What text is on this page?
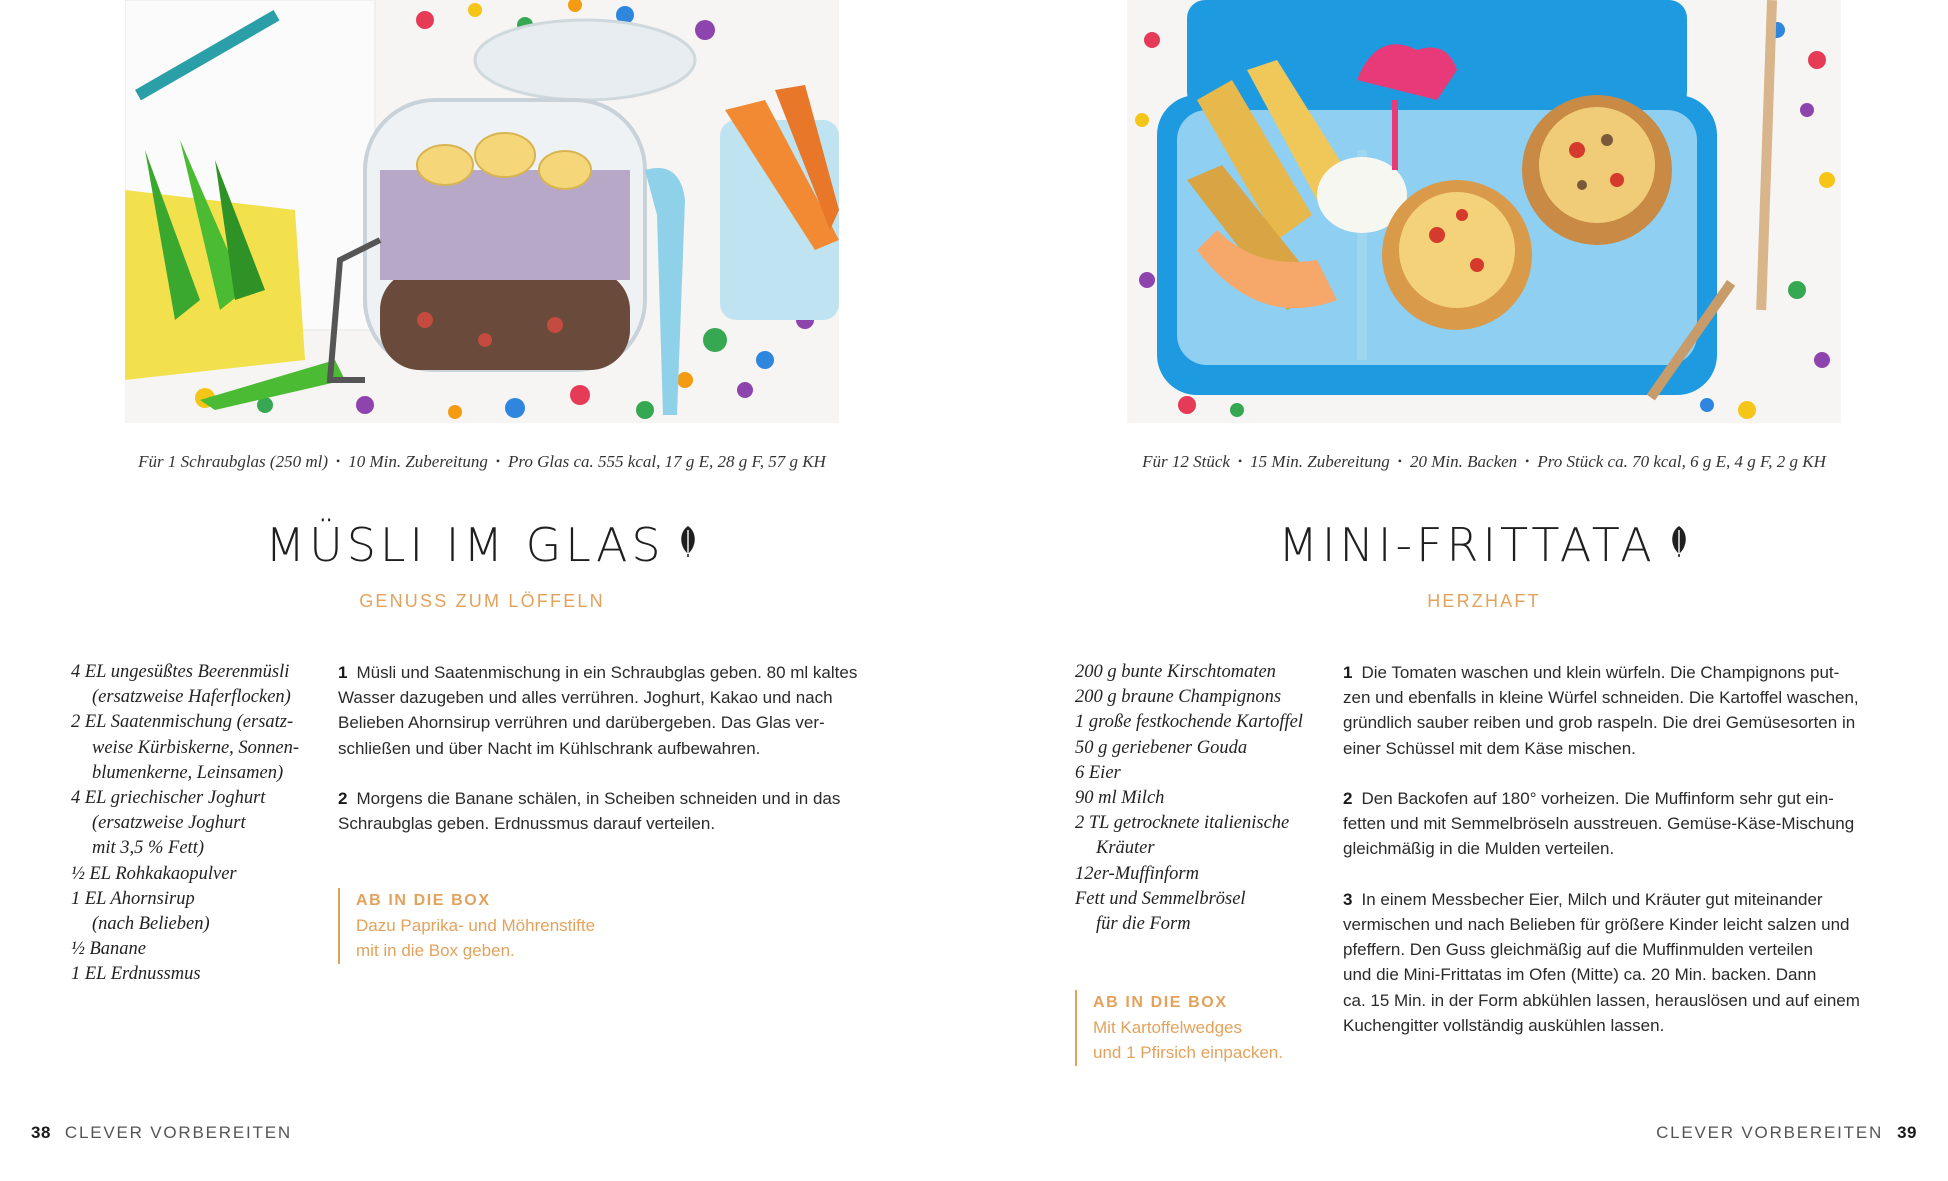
Für 1 Schraubglas (250 ml) • 10 Min. Zubereitung • Pro Glas ca. 555 kcal, 17 g E, 28 g F, 57 g KH
MÜSLI IM GLAS
GENUSS ZUM LÖFFELN
4 EL ungesüßtes Beerenmüsli
(ersatzweise Haferflocken)
2 EL Saatenmischung (ersatz-
weise Kürbiskerne, Sonnen-
blumenkerne, Leinsamen)
4 EL griechischer Joghurt
(ersatzweise Joghurt
mit 3,5 % Fett)
½ EL Rohkakaopulver
1 EL Ahornsirup
(nach Belieben)
½ Banane
1 EL Erdnussmus

1 Müsli und Saatenmischung in ein Schraubglas geben. 80 ml kaltes
Wasser dazugeben und alles verrühren. Joghurt, Kakao und nach
Belieben Ahornsirup verrühren und darübergeben. Das Glas ver-
schließen und über Nacht im Kühlschrank aufbewahren.

2 Morgens die Banane schälen, in Scheiben schneiden und in das
Schraubglas geben. Erdnussmus darauf verteilen.

AB IN DIE BOX
Dazu Paprika- und Möhrenstifte
mit in die Box geben.
38 CLEVER VORBEREITEN
Für 12 Stück • 15 Min. Zubereitung • 20 Min. Backen • Pro Stück ca. 70 kcal, 6 g E, 4 g F, 2 g KH
MINI-FRITTATA
HERZHAFT
200 g bunte Kirschtomaten
200 g braune Champignons
1 große festkochende Kartoffel
50 g geriebener Gouda
6 Eier
90 ml Milch
2 TL getrocknete italienische
Kräuter
12er-Muffinform
Fett und Semmelbrösel
für die Form

1 Die Tomaten waschen und klein würfeln. Die Champignons put-
zen und ebenfalls in kleine Würfel schneiden. Die Kartoffel waschen,
gründlich sauber reiben und grob raspeln. Die drei Gemüsesorten in
einer Schüssel mit dem Käse mischen.

2 Den Backofen auf 180° vorheizen. Die Muffinform sehr gut ein-
fetten und mit Semmelbröseln ausstreuen. Gemüse-Käse-Mischung
gleichmäßig in die Mulden verteilen.

3 In einem Messbecher Eier, Milch und Kräuter gut miteinander
vermischen und nach Belieben für größere Kinder leicht salzen und
pfeffern. Den Guss gleichmäßig auf die Muffinmulden verteilen
und die Mini-Frittatas im Ofen (Mitte) ca. 20 Min. backen. Dann
ca. 15 Min. in der Form abkühlen lassen, herauslösen und auf einem
Kuchengitter vollständig auskühlen lassen.

AB IN DIE BOX
Mit Kartoffelwedges
und 1 Pfirsich einpacken.
CLEVER VORBEREITEN 39
